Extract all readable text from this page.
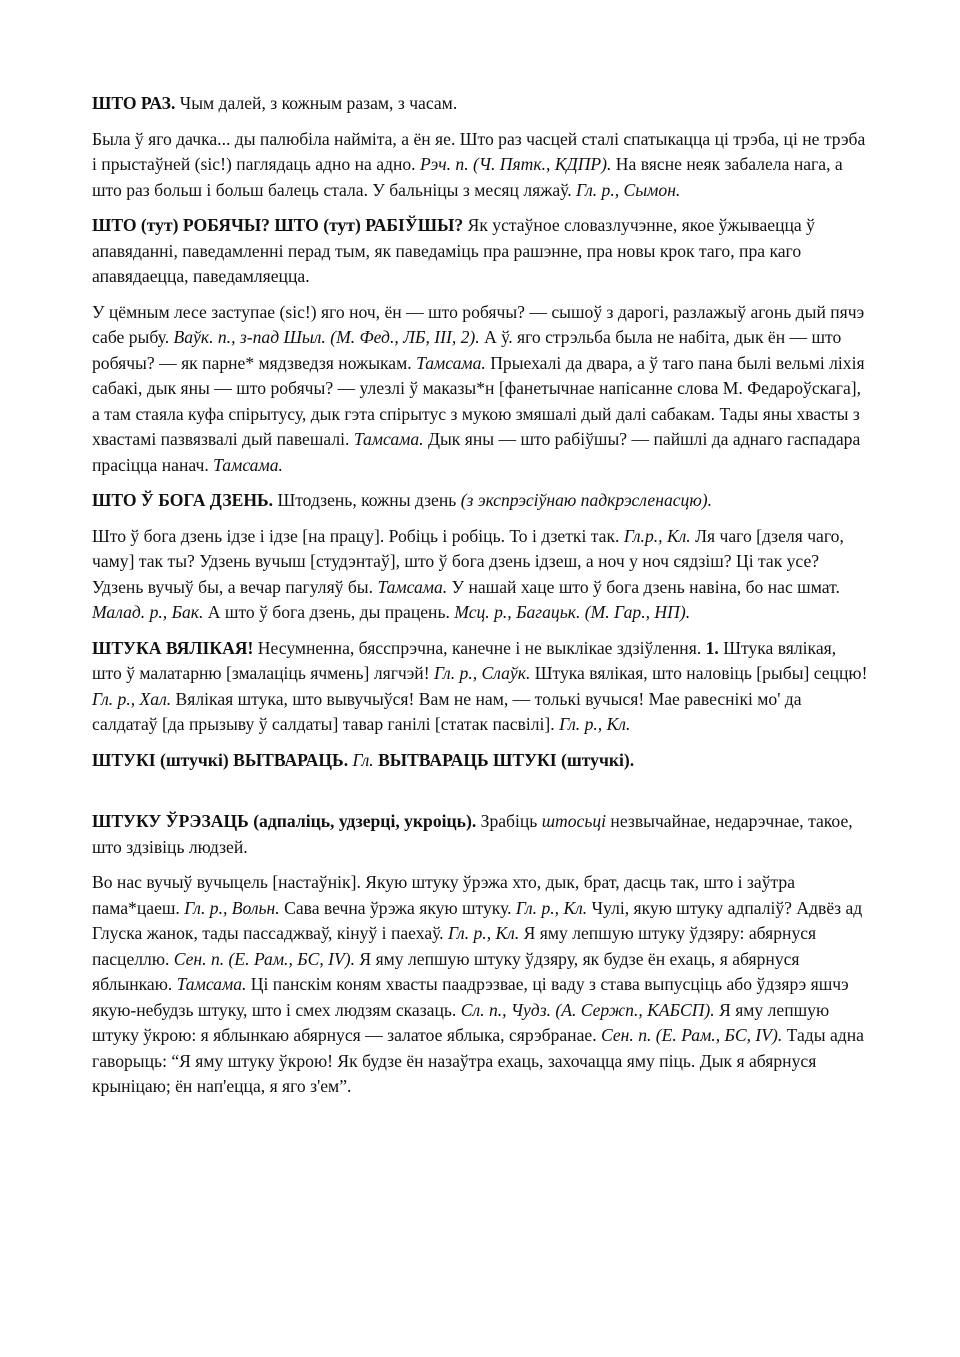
ШТО РАЗ. Чым далей, з кожным разам, з часам.

Была ў яго дачка... ды палюбіла найміта, а ён яе. Што раз часцей сталі спатыкацца ці трэба, ці не трэба і прыстаўней (sic!) паглядаць адно на адно. Рэч. п. (Ч. Пятк., КДПР). На вясне неяк забалела нага, а што раз больш і больш балець стала. У бальніцы з месяц ляжаў. Гл. р., Сымон.

ШТО (тут) РОБЯЧЫ? ШТО (тут) РАБІЎШЫ? Як устаўное словазлучэнне, якое ўжываецца ў апавяданні, паведамленні перад тым, як паведаміць пра рашэнне, пра новы крок таго, пра каго апавядаецца, паведамляецца.

У цёмным лесе заступае (sic!) яго ноч, ён — што робячы? — сышоў з дарогі, разлажыў агонь дый пячэ сабе рыбу. Ваўк. п., з-пад Шыл. (М. Фед., ЛБ, III, 2). А ў. яго стрэльба была не набіта, дык ён — што робячы? — як парне* мядзведзя ножыкам. Тамсама. Прыехалі да двара, а ў таго пана былі вельмі ліхія сабакі, дык яны — што робячы? — улезлі ў маказы*н [фанетычнае напісанне слова М. Федароўскага], а там стаяла куфа спірытусу, дык гэта спірытус з мукою змяшалі дый далі сабакам. Тады яны хвасты з хвастамі пазвязвалі дый павешалі. Тамсама. Дык яны — што рабіўшы? — пайшлі да аднаго гаспадара прасіцца нанач. Тамсама.

ШТО Ў БОГА ДЗЕНЬ. Штодзень, кожны дзень (з экспрэсіўнаю падкрэсленасцю).

Што ў бога дзень ідзе і ідзе [на працу]. Робіць і робіць. То і дзеткі так. Гл.р., Кл. Ля чаго [дзеля чаго, чаму] так ты? Удзень вучыш [студэнтаў], што ў бога дзень ідзеш, а ноч у ноч сядзіш? Ці так усе? Удзень вучыў бы, а вечар пагуляў бы. Тамсама. У нашай хаце што ў бога дзень навіна, бо нас шмат. Малад. р., Бак. А што ў бога дзень, ды працень. Мсц. р., Багацьк. (М. Гар., НП).

ШТУКА ВЯЛІКАЯ! Несумненна, бясспрэчна, канечне і не выклікае здзіўлення. 1. Штука вялікая, што ў малатарню [змалаціць ячмень] лягчэй! Гл. р., Слаўк. Штука вялікая, што наловіць [рыбы] сеццю! Гл. р., Хал. Вялікая штука, што вывучыўся! Вам не нам, — толькі вучыся! Мае равеснікі мо' да салдатаў [да прызыву ў салдаты] тавар ганілі [статак пасвілі]. Гл. р., Кл.

ШТУКІ (штучкі) ВЫТВАРАЦЬ. Гл. ВЫТВАРАЦЬ ШТУКІ (штучкі).

ШТУКУ ЎРЭЗАЦЬ (адпаліць, удзерці, укроіць). Зрабіць штосьці незвычайнае, недарэчнае, такое, што здзівіць людзей.

Во нас вучыў вучыцель [настаўнік]. Якую штуку ўрэжа хто, дык, брат, дасць так, што і заўтра пама*цаеш. Гл. р., Вольн. Сава вечна ўрэжа якую штуку. Гл. р., Кл. Чулі, якую штуку адпаліў? Адвёз ад Глуска жанок, тады пассаджваў, кінуў і паехаў. Гл. р., Кл. Я яму лепшую штуку ўдзяру: абярнуся пасцеллю. Сен. п. (Е. Рам., БС, IV). Я яму лепшую штуку ўдзяру, як будзе ён ехаць, я абярнуся яблынкаю. Тамсама. Ці панскім коням хвасты паадрэзвае, ці ваду з става выпусціць або ўдзярэ яшчэ якую-небудзь штуку, што і смех людзям сказаць. Сл. п., Чудз. (А. Сержп., КАБСП). Я яму лепшую штуку ўкрою: я яблынкаю абярнуся — залатое яблыка, сярэбранае. Сен. п. (Е. Рам., БС, IV). Тады адна гаворыць: “Я яму штуку ўкрою! Як будзе ён назаўтра ехаць, захочацца яму піць. Дык я абярнуся крыніцаю; ён нап'ецца, я яго з'ем”.
